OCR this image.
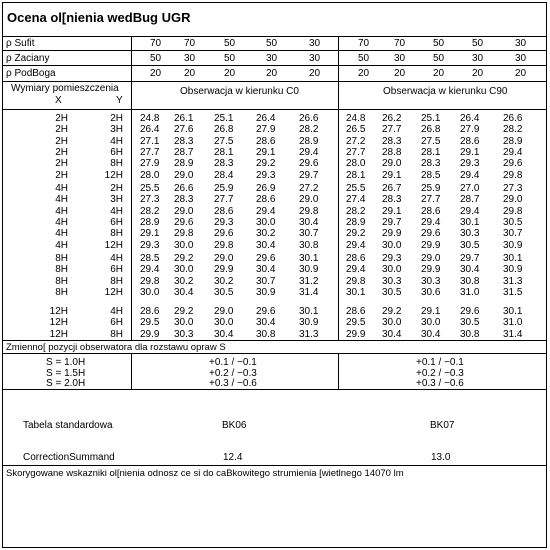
Ocena ol[nienia wedBug UGR
ρ Sufit	70 70	50	50	30	70 70	50	50	30
ρ Zaciany	50 30	50	30	30	50 30	50	30	30
ρ PodBoga	20 20	20	20	20	20 20	20	20	20
Wymiary pomieszczenia
X	Y
Obserwacja w kierunku C0	Obserwacja w kierunku C90
2H	2H 24.8 26.1 25.1 26.4 26.6	24.8 26.2 25.1 26.4 26.6
2H	3H 26.4 27.6 26.8 27.9 28.2	26.5 27.7 26.8 27.9 28.2
2H	4H 27.1 28.3 27.5 28.6 28.9	27.2 28.3 27.5 28.6 28.9
2H	6H 27.7 28.7 28.1 29.1 29.4	27.7 28.8 28.1 29.1 29.4
2H	8H 27.9 28.9 28.3 29.2 29.6	28.0 29.0 28.3 29.3 29.6
2H	12H 28.0 29.0 28.4 29.3 29.7	28.1 29.1 28.5 29.4 29.8
4H	2H 25.5 26.6 25.9 26.9 27.2	25.5 26.7 25.9 27.0 27.3
4H	3H 27.3 28.3 27.7 28.6 29.0	27.4 28.3 27.7 28.7 29.0
4H	4H 28.2 29.0 28.6 29.4 29.8	28.2 29.1 28.6 29.4 29.8
4H	6H 28.9 29.6 29.3 30.0 30.4	28.9 29.7 29.4 30.1 30.5
4H	8H 29.1 29.8 29.6 30.2 30.7	29.2 29.9 29.6 30.3 30.7
4H	12H 29.3 30.0 29.8 30.4 30.8	29.4 30.0 29.9 30.5 30.9
8H	4H 28.5 29.2 29.0 29.6 30.1	28.6 29.3 29.0 29.7 30.1
8H	6H 29.4 30.0 29.9 30.4 30.9	29.4 30.0 29.9 30.4 30.9
8H	8H 29.8 30.2 30.2 30.7 31.2	29.8 30.3 30.3 30.8 31.3
8H	12H 30.0 30.4 30.5 30.9 31.4	30.1 30.5 30.6 31.0 31.5
12H	4H 28.6 29.2 29.0 29.6 30.1	28.6 29.2 29.1 29.6 30.1
12H	6H 29.5 30.0 30.0 30.4 30.9	29.5 30.0 30.0 30.5 31.0
12H	8H 29.9 30.3 30.4 30.8 31.3	29.9 30.4 30.4 30.8 31.4
Zmienno[ pozycji obserwatora dla rozstawu opraw S
S = 1.0H	+0.1 / −0.1	+0.1 / −0.1
S = 1.5H	+0.2 / −0.3	+0.2 / −0.3
S = 2.0H	+0.3 / −0.6	+0.3 / −0.6
Tabela standardowa	BK06	BK07
CorrectionSummand	12.4	13.0
Skorygowane wskazniki ol[nienia odnosz ce si do caBkowitego strumienia [wietlnego 14070 lm
